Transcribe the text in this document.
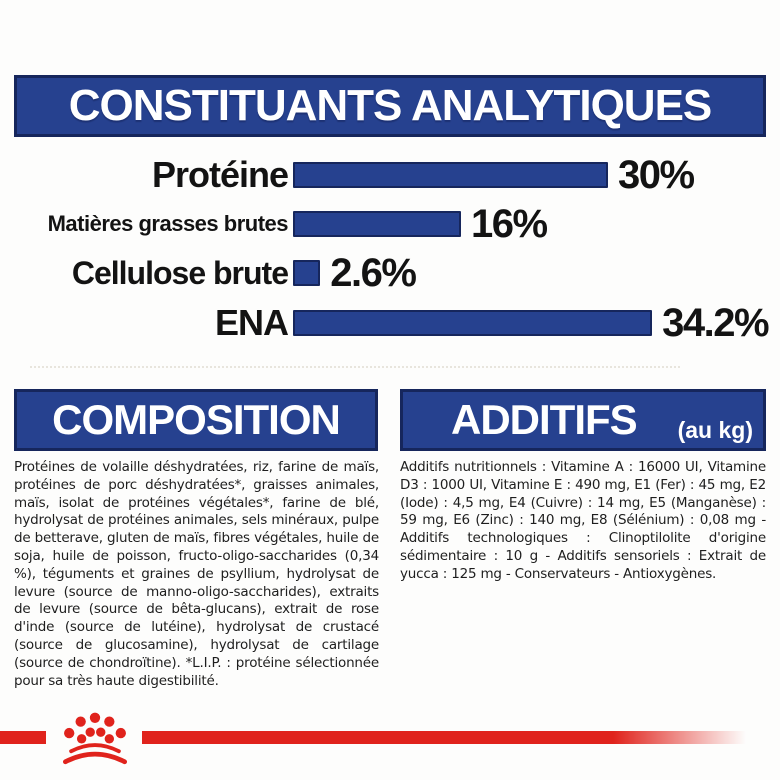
CONSTITUANTS ANALYTIQUES
Protéine	30%
Matières grasses brutes	16%
Cellulose brute 2.6%
ENA	34.2%
COMPOSITION
Protéines de volaille déshydratées, riz, farine de maïs, protéines de porc déshydratées*, graisses animales, maïs, isolat de protéines végétales*, farine de blé, hydrolysat de protéines animales, sels minéraux, pulpe de betterave, gluten de maïs, fibres végétales, huile de soja, huile de poisson, fructo-oligo-saccharides (0,34 %), téguments et graines de psyllium, hydrolysat de levure (source de manno-oligo-saccharides), extraits de levure (source de bêta-glucans), extrait de rose d'inde (source de lutéine), hydrolysat de crustacé (source de glucosamine), hydrolysat de cartilage (source de chondroïtine). *L.I.P. : protéine sélectionnée pour sa très haute digestibilité.
ADDITIFS (au kg)
Additifs nutritionnels : Vitamine A : 16000 UI, Vitamine D3 : 1000 UI, Vitamine E : 490 mg, E1 (Fer) : 45 mg, E2 (Iode) : 4,5 mg, E4 (Cuivre) : 14 mg, E5 (Manganèse) : 59 mg, E6 (Zinc) : 140 mg, E8 (Sélénium) : 0,08 mg - Additifs technologiques : Clinoptilolite d'origine sédimentaire : 10 g - Additifs sensoriels : Extrait de yucca : 125 mg - Conservateurs - Antioxygènes.
